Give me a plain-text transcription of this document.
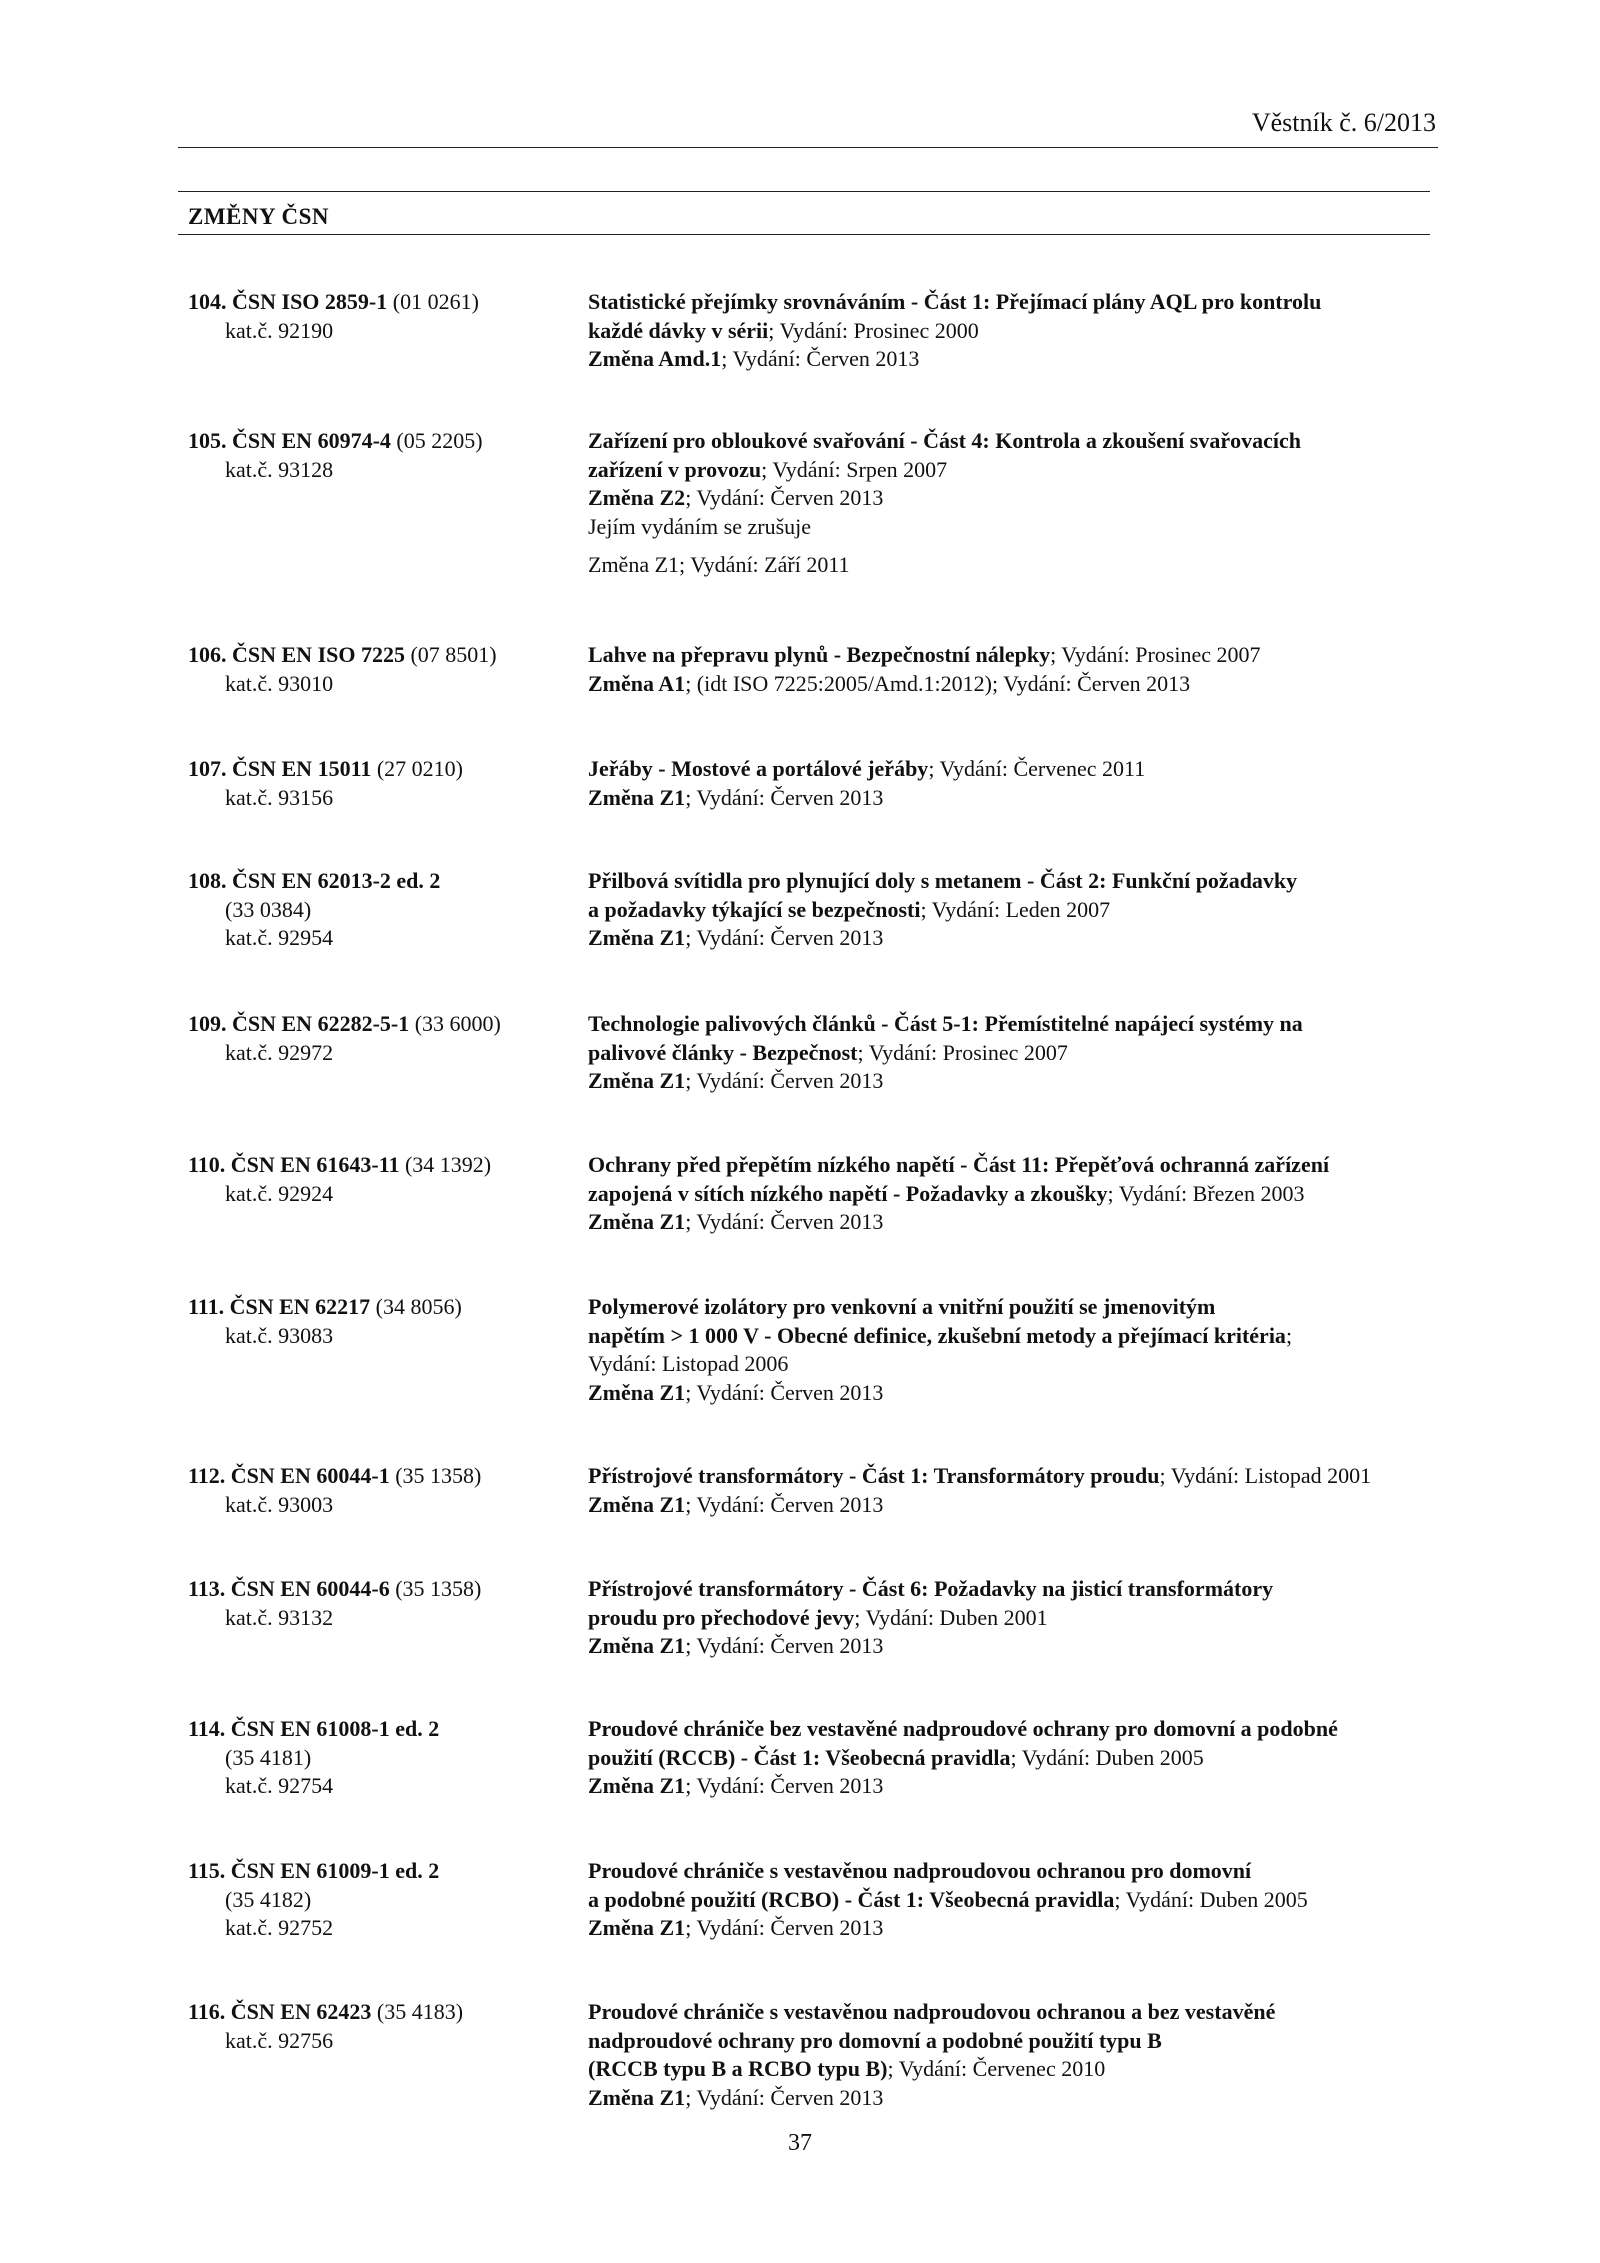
Věstník č. 6/2013
ZMĚNY ČSN
104. ČSN ISO 2859-1 (01 0261)
kat.č. 92190
Statistické přejímky srovnáváním - Část 1: Přejímací plány AQL pro kontrolu
každé dávky v sérii; Vydání: Prosinec 2000
Změna Amd.1; Vydání: Červen 2013
105. ČSN EN 60974-4 (05 2205)
kat.č. 93128
Zařízení pro obloukové svařování - Část 4: Kontrola a zkoušení svařovacích
zařízení v provozu; Vydání: Srpen 2007
Změna Z2; Vydání: Červen 2013
Jejím vydáním se zrušuje
Změna Z1; Vydání: Září 2011
106. ČSN EN ISO 7225 (07 8501)
kat.č. 93010
Lahve na přepravu plynů - Bezpečnostní nálepky; Vydání: Prosinec 2007
Změna A1; (idt ISO 7225:2005/Amd.1:2012); Vydání: Červen 2013
107. ČSN EN 15011 (27 0210)
kat.č. 93156
Jeřáby - Mostové a portálové jeřáby; Vydání: Červenec 2011
Změna Z1; Vydání: Červen 2013
108. ČSN EN 62013-2 ed. 2
(33 0384)
kat.č. 92954
Přilbová svítidla pro plynující doly s metanem - Část 2: Funkční požadavky
a požadavky týkající se bezpečnosti; Vydání: Leden 2007
Změna Z1; Vydání: Červen 2013
109. ČSN EN 62282-5-1 (33 6000)
kat.č. 92972
Technologie palivových článků - Část 5-1: Přemístitelné napájecí systémy na
palivové články - Bezpečnost; Vydání: Prosinec 2007
Změna Z1; Vydání: Červen 2013
110. ČSN EN 61643-11 (34 1392)
kat.č. 92924
Ochrany před přepětím nízkého napětí - Část 11: Přepěťová ochranná zařízení
zapojená v sítích nízkého napětí - Požadavky a zkoušky; Vydání: Březen 2003
Změna Z1; Vydání: Červen 2013
111. ČSN EN 62217 (34 8056)
kat.č. 93083
Polymerové izolátory pro venkovní a vnitřní použití se jmenovitým
napětím > 1 000 V - Obecné definice, zkušební metody a přejímací kritéria;
Vydání: Listopad 2006
Změna Z1; Vydání: Červen 2013
112. ČSN EN 60044-1 (35 1358)
kat.č. 93003
Přístrojové transformátory - Část 1: Transformátory proudu; Vydání: Listopad 2001
Změna Z1; Vydání: Červen 2013
113. ČSN EN 60044-6 (35 1358)
kat.č. 93132
Přístrojové transformátory - Část 6: Požadavky na jisticí transformátory
proudu pro přechodové jevy; Vydání: Duben 2001
Změna Z1; Vydání: Červen 2013
114. ČSN EN 61008-1 ed. 2
(35 4181)
kat.č. 92754
Proudové chrániče bez vestavěné nadproudové ochrany pro domovní a podobné
použití (RCCB) - Část 1: Všeobecná pravidla; Vydání: Duben 2005
Změna Z1; Vydání: Červen 2013
115. ČSN EN 61009-1 ed. 2
(35 4182)
kat.č. 92752
Proudové chrániče s vestavěnou nadproudovou ochranou pro domovní
a podobné použití (RCBO) - Část 1: Všeobecná pravidla; Vydání: Duben 2005
Změna Z1; Vydání: Červen 2013
116. ČSN EN 62423 (35 4183)
kat.č. 92756
Proudové chrániče s vestavěnou nadproudovou ochranou a bez vestavěné
nadproudové ochrany pro domovní a podobné použití typu B
(RCCB typu B a RCBO typu B); Vydání: Červenec 2010
Změna Z1; Vydání: Červen 2013
37
